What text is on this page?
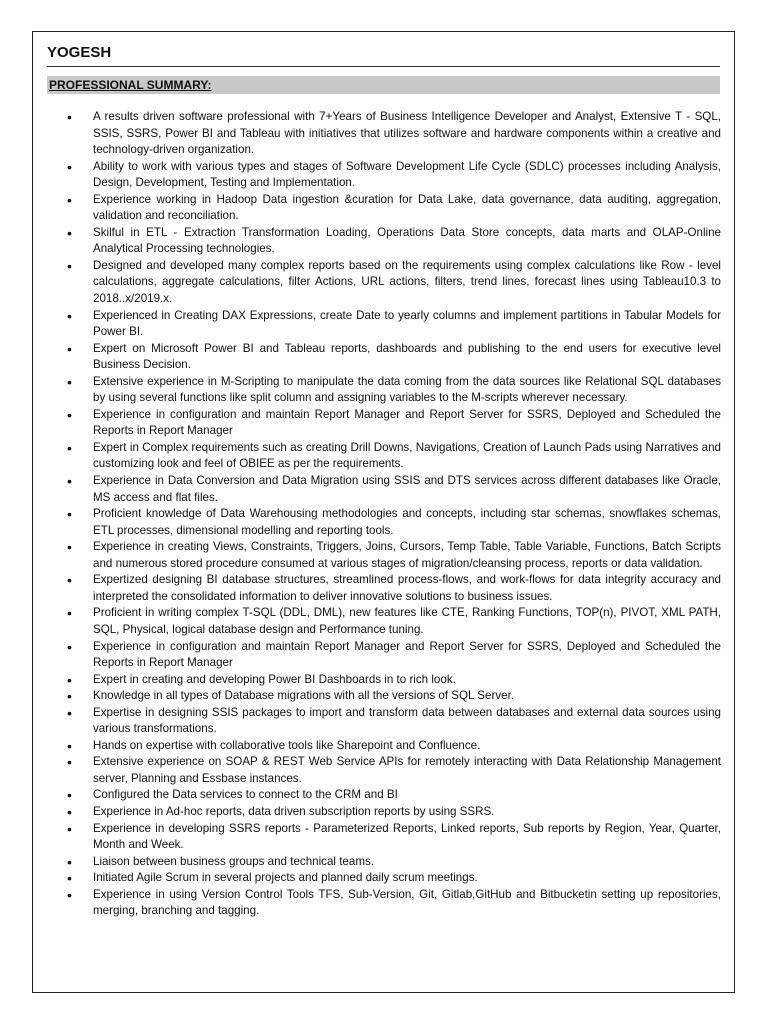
YOGESH
PROFESSIONAL SUMMARY:
• A results driven software professional with 7+Years of Business Intelligence Developer and Analyst, Extensive T - SQL, SSIS, SSRS, Power BI and Tableau with initiatives that utilizes software and hardware components within a creative and technology-driven organization.
• Ability to work with various types and stages of Software Development Life Cycle (SDLC) processes including Analysis, Design, Development, Testing and Implementation.
• Experience working in Hadoop Data ingestion &curation for Data Lake, data governance, data auditing, aggregation, validation and reconciliation.
• Skilful in ETL - Extraction Transformation Loading, Operations Data Store concepts, data marts and OLAP-Online Analytical Processing technologies.
• Designed and developed many complex reports based on the requirements using complex calculations like Row - level calculations, aggregate calculations, filter Actions, URL actions, filters, trend lines, forecast lines using Tableau10.3 to 2018..x/2019.x.
• Experienced in Creating DAX Expressions, create Date to yearly columns and implement partitions in Tabular Models for Power BI.
• Expert on Microsoft Power BI and Tableau reports, dashboards and publishing to the end users for executive level Business Decision.
• Extensive experience in M-Scripting to manipulate the data coming from the data sources like Relational SQL databases by using several functions like split column and assigning variables to the M-scripts wherever necessary.
• Experience in configuration and maintain Report Manager and Report Server for SSRS, Deployed and Scheduled the Reports in Report Manager
• Expert in Complex requirements such as creating Drill Downs, Navigations, Creation of Launch Pads using Narratives and customizing look and feel of OBIEE as per the requirements.
• Experience in Data Conversion and Data Migration using SSIS and DTS services across different databases like Oracle, MS access and flat files.
• Proficient knowledge of Data Warehousing methodologies and concepts, including star schemas, snowflakes schemas, ETL processes, dimensional modelling and reporting tools.
• Experience in creating Views, Constraints, Triggers, Joins, Cursors, Temp Table, Table Variable, Functions, Batch Scripts and numerous stored procedure consumed at various stages of migration/cleansing process, reports or data validation.
• Expertized designing BI database structures, streamlined process-flows, and work-flows for data integrity accuracy and interpreted the consolidated information to deliver innovative solutions to business issues.
• Proficient in writing complex T-SQL (DDL, DML), new features like CTE, Ranking Functions, TOP(n), PIVOT, XML PATH, SQL, Physical, logical database design and Performance tuning.
• Experience in configuration and maintain Report Manager and Report Server for SSRS, Deployed and Scheduled the Reports in Report Manager
• Expert in creating and developing Power BI Dashboards in to rich look.
• Knowledge in all types of Database migrations with all the versions of SQL Server.
• Expertise in designing SSIS packages to import and transform data between databases and external data sources using various transformations.
• Hands on expertise with collaborative tools like Sharepoint and Confluence.
• Extensive experience on SOAP & REST Web Service APIs for remotely interacting with Data Relationship Management server, Planning and Essbase instances.
• Configured the Data services to connect to the CRM and BI
• Experience in Ad-hoc reports, data driven subscription reports by using SSRS.
• Experience in developing SSRS reports - Parameterized Reports, Linked reports, Sub reports by Region, Year, Quarter, Month and Week.
• Liaison between business groups and technical teams.
• Initiated Agile Scrum in several projects and planned daily scrum meetings.
• Experience in using Version Control Tools TFS, Sub-Version, Git, Gitlab,GitHub and Bitbucketin setting up repositories, merging, branching and tagging.
